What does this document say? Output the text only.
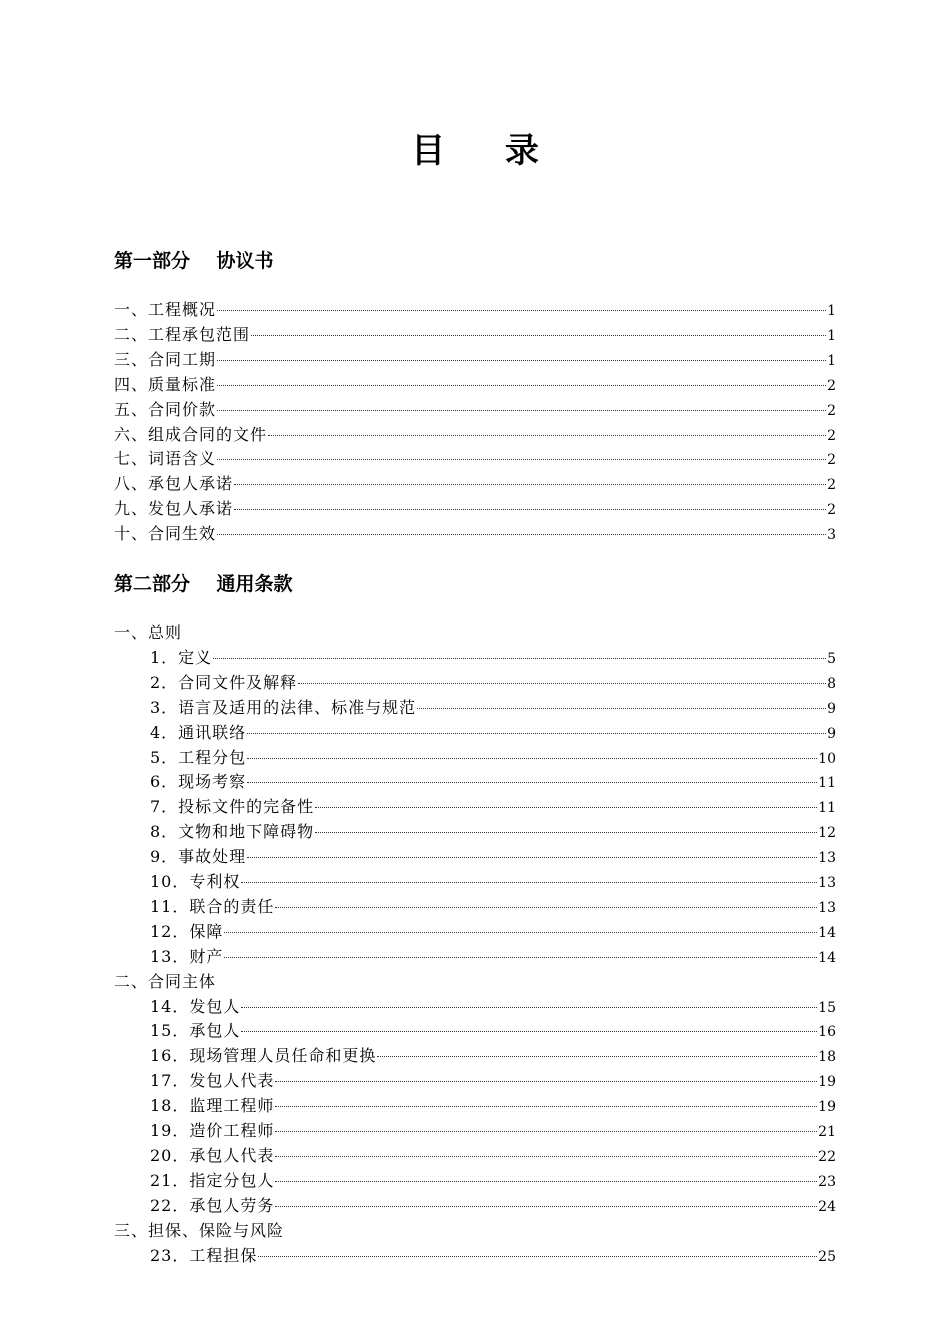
目 录
第一部分    协议书
一、工程概况	1
二、工程承包范围	1
三、合同工期	1
四、质量标准	2
五、合同价款	2
六、组成合同的文件	2
七、词语含义	2
八、承包人承诺	2
九、发包人承诺	2
十、合同生效	3
第二部分    通用条款
一、总则
1．定义	5
2．合同文件及解释	8
3．语言及适用的法律、标准与规范	9
4．通讯联络	9
5．工程分包	10
6．现场考察	11
7．投标文件的完备性	11
8．文物和地下障碍物	12
9．事故处理	13
10．专利权	13
11．联合的责任	13
12．保障	14
13．财产	14
二、合同主体
14．发包人	15
15．承包人	16
16．现场管理人员任命和更换	18
17．发包人代表	19
18．监理工程师	19
19．造价工程师	21
20．承包人代表	22
21．指定分包人	23
22．承包人劳务	24
三、担保、保险与风险
23．工程担保	25
